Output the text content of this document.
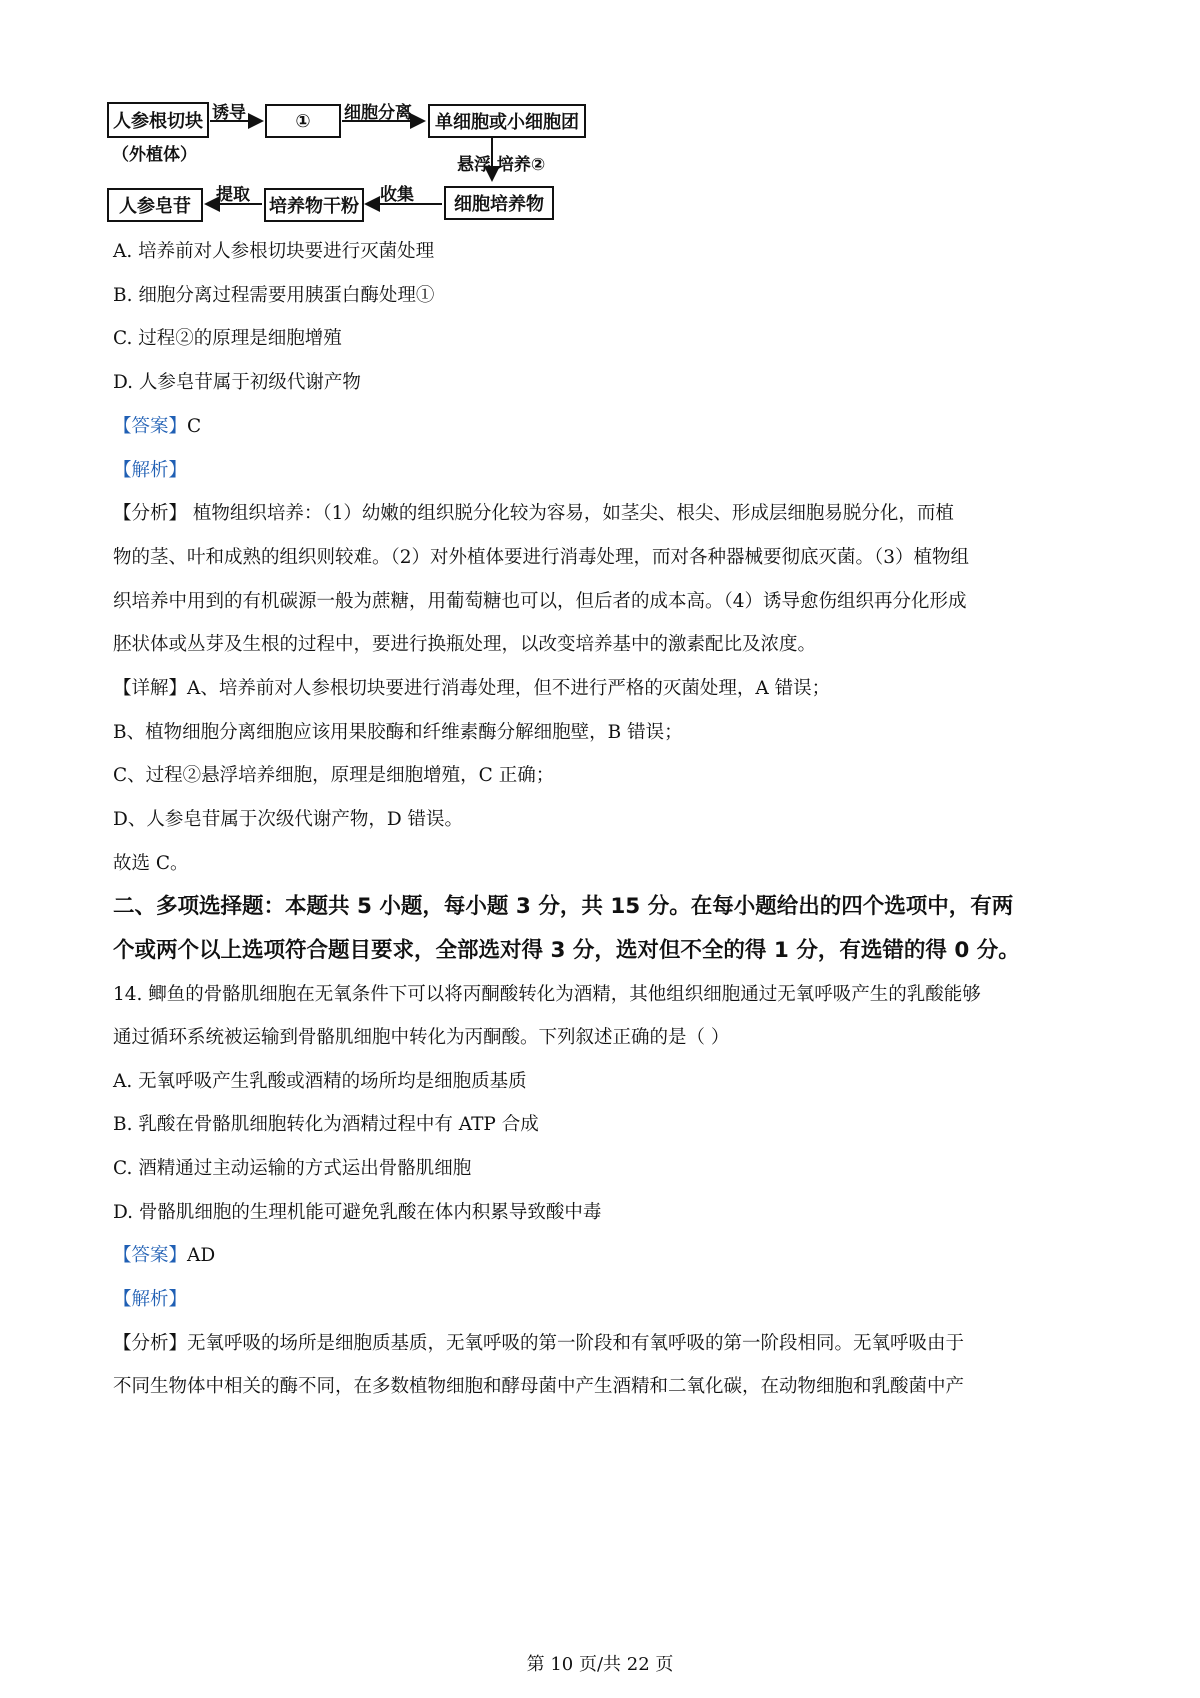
人参根切块
（外植体）
诱导	① 细胞分离 单细胞或小细胞团
悬浮 培养②
细胞培养物
收集
培养物干粉
提取
人参皂苷
A. 培养前对人参根切块要进行灭菌处理
B. 细胞分离过程需要用胰蛋白酶处理①
C. 过程②的原理是细胞增殖
D. 人参皂苷属于初级代谢产物
【答案】C
【解析】
【分析】 植物组织培养：（1）幼嫩的组织脱分化较为容易，如茎尖、根尖、形成层细胞易脱分化，而植
物的茎、叶和成熟的组织则较难。（2）对外植体要进行消毒处理，而对各种器械要彻底灭菌。（3）植物组
织培养中用到的有机碳源一般为蔗糖，用葡萄糖也可以，但后者的成本高。（4）诱导愈伤组织再分化形成
胚状体或丛芽及生根的过程中，要进行换瓶处理，以改变培养基中的激素配比及浓度。
【详解】A、培养前对人参根切块要进行消毒处理，但不进行严格的灭菌处理，A 错误；
B、植物细胞分离细胞应该用果胶酶和纤维素酶分解细胞壁，B 错误；
C、过程②悬浮培养细胞，原理是细胞增殖，C 正确；
D、人参皂苷属于次级代谢产物，D 错误。
故选 C。
二、多项选择题：本题共 5 小题，每小题 3 分，共 15 分。在每小题给出的四个选项中，有两
个或两个以上选项符合题目要求，全部选对得 3 分，选对但不全的得 1 分，有选错的得 0 分。
14. 鲫鱼的骨骼肌细胞在无氧条件下可以将丙酮酸转化为酒精，其他组织细胞通过无氧呼吸产生的乳酸能够
通过循环系统被运输到骨骼肌细胞中转化为丙酮酸。下列叙述正确的是（ ）
A. 无氧呼吸产生乳酸或酒精的场所均是细胞质基质
B. 乳酸在骨骼肌细胞转化为酒精过程中有 ATP 合成
C. 酒精通过主动运输的方式运出骨骼肌细胞
D. 骨骼肌细胞的生理机能可避免乳酸在体内积累导致酸中毒
【答案】AD
【解析】
【分析】无氧呼吸的场所是细胞质基质，无氧呼吸的第一阶段和有氧呼吸的第一阶段相同。无氧呼吸由于
不同生物体中相关的酶不同，在多数植物细胞和酵母菌中产生酒精和二氧化碳，在动物细胞和乳酸菌中产
第 10 页/共 22 页
